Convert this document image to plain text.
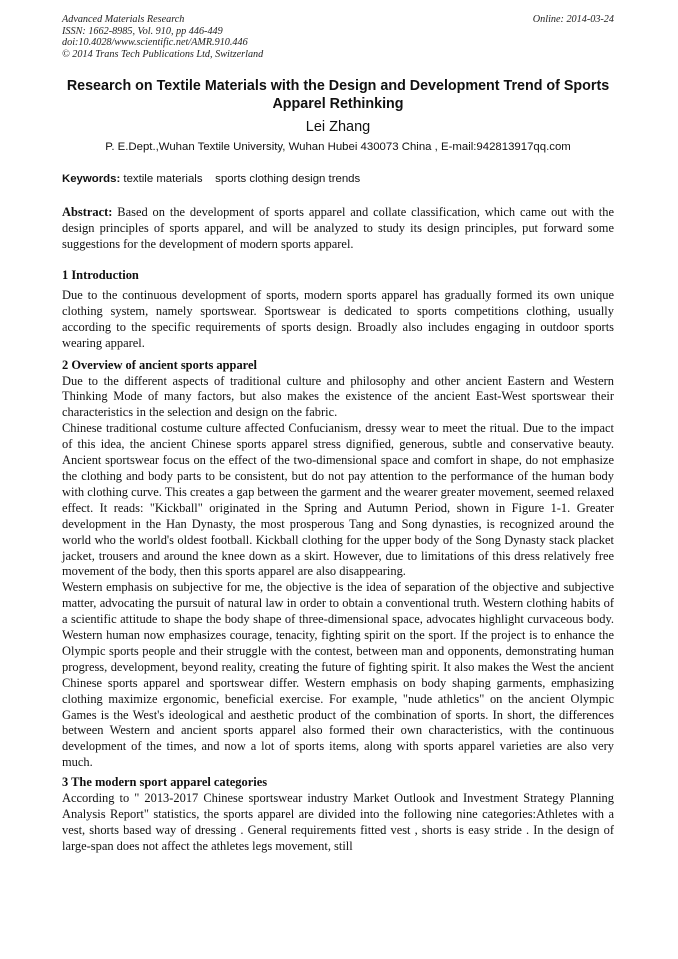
Advanced Materials Research
ISSN: 1662-8985, Vol. 910, pp 446-449
doi:10.4028/www.scientific.net/AMR.910.446
© 2014 Trans Tech Publications Ltd, Switzerland
Online: 2014-03-24
Research on Textile Materials with the Design and Development Trend of Sports Apparel Rethinking
Lei Zhang
P. E.Dept.,Wuhan Textile University, Wuhan Hubei 430073 China , E-mail:942813917qq.com
Keywords: textile materials    sports clothing design trends
Abstract: Based on the development of sports apparel and collate classification, which came out with the design principles of sports apparel, and will be analyzed to study its design principles, put forward some suggestions for the development of modern sports apparel.
1 Introduction

Due to the continuous development of sports, modern sports apparel has gradually formed its own unique clothing system, namely sportswear. Sportswear is dedicated to sports competitions clothing, usually according to the specific requirements of sports design. Broadly also includes engaging in outdoor sports wearing apparel.

2 Overview of ancient sports apparel

Due to the different aspects of traditional culture and philosophy and other ancient Eastern and Western Thinking Mode of many factors, but also makes the existence of the ancient East-West sportswear their characteristics in the selection and design on the fabric.

Chinese traditional costume culture affected Confucianism, dressy wear to meet the ritual. Due to the impact of this idea, the ancient Chinese sports apparel stress dignified, generous, subtle and conservative beauty. Ancient sportswear focus on the effect of the two-dimensional space and comfort in shape, do not emphasize the clothing and body parts to be consistent, but do not pay attention to the performance of the human body with clothing curve. This creates a gap between the garment and the wearer greater movement, seemed relaxed effect. It reads: "Kickball" originated in the Spring and Autumn Period, shown in Figure 1-1. Greater development in the Han Dynasty, the most prosperous Tang and Song dynasties, is recognized around the world who the world's oldest football. Kickball clothing for the upper body of the Song Dynasty stack placket jacket, trousers and around the knee down as a skirt. However, due to limitations of this dress relatively free movement of the body, then this sports apparel are also disappearing.

Western emphasis on subjective for me, the objective is the idea of separation of the objective and subjective matter, advocating the pursuit of natural law in order to obtain a conventional truth. Western clothing habits of a scientific attitude to shape the body shape of three-dimensional space, advocates highlight curvaceous body. Western human now emphasizes courage, tenacity, fighting spirit on the sport. If the project is to enhance the Olympic sports people and their struggle with the contest, between man and opponents, demonstrating human progress, development, beyond reality, creating the future of fighting spirit. It also makes the West the ancient Chinese sports apparel and sportswear differ. Western emphasis on body shaping garments, emphasizing clothing maximize ergonomic, beneficial exercise. For example, "nude athletics" on the ancient Olympic Games is the West's ideological and aesthetic product of the combination of sports. In short, the differences between Western and ancient sports apparel also formed their own characteristics, with the continuous development of the times, and now a lot of sports items, along with sports apparel varieties are also very much.

3 The modern sport apparel categories

According to " 2013-2017 Chinese sportswear industry Market Outlook and Investment Strategy Planning Analysis Report" statistics, the sports apparel are divided into the following nine categories:Athletes with a vest, shorts based way of dressing . General requirements fitted vest , shorts is easy stride . In the design of large-span does not affect the athletes legs movement, still
